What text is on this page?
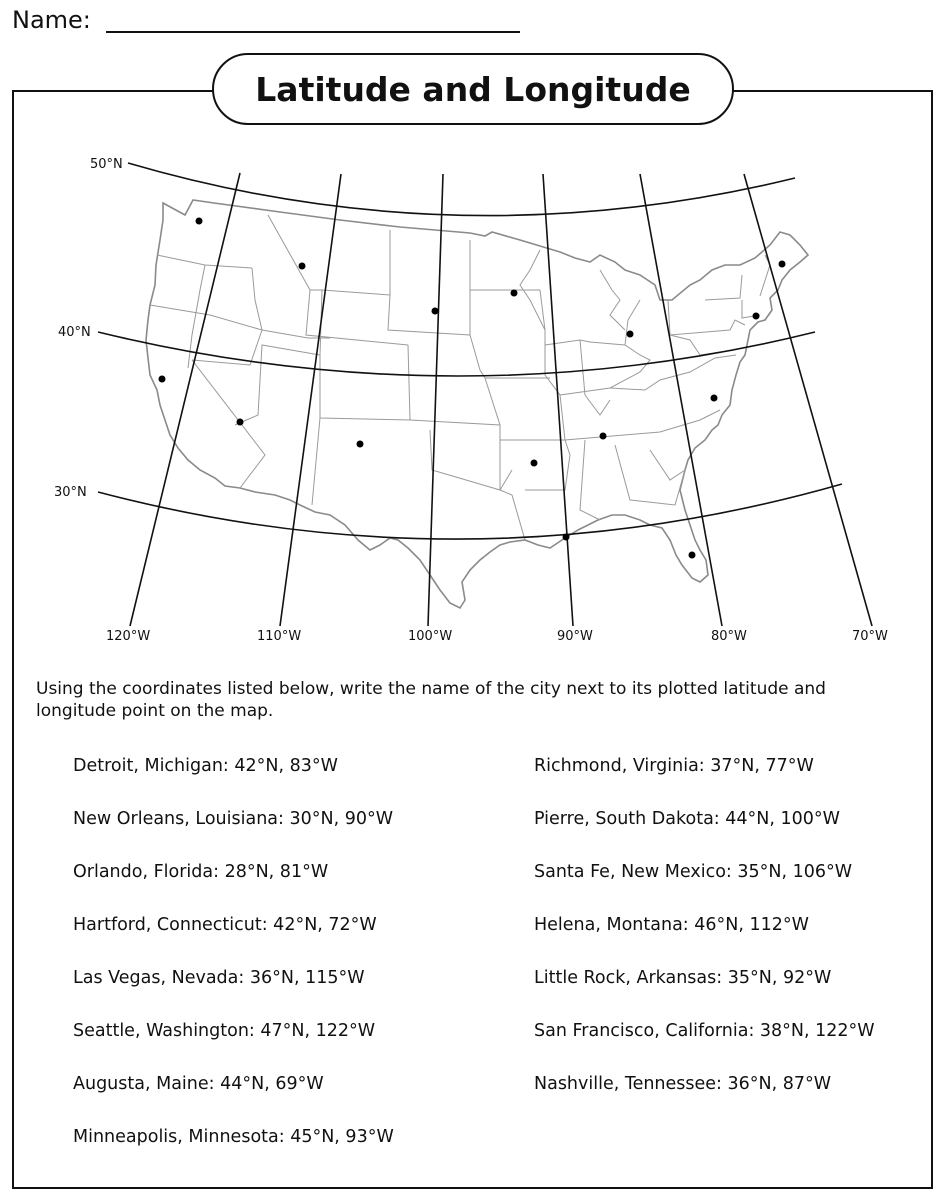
Name:
Latitude and Longitude
50°N
40°N
30°N
120°W	110°W	100°W	90°W	80°W	70°W
Using the coordinates listed below, write the name of the city next to its plotted latitude and longitude point on the map.
Detroit, Michigan: 42°N, 83°W
New Orleans, Louisiana: 30°N, 90°W
Orlando, Florida: 28°N, 81°W
Hartford, Connecticut: 42°N, 72°W
Las Vegas, Nevada: 36°N, 115°W
Seattle, Washington: 47°N, 122°W
Augusta, Maine: 44°N, 69°W
Minneapolis, Minnesota: 45°N, 93°W
Richmond, Virginia: 37°N, 77°W
Pierre, South Dakota: 44°N, 100°W
Santa Fe, New Mexico: 35°N, 106°W
Helena, Montana: 46°N, 112°W
Little Rock, Arkansas: 35°N, 92°W
San Francisco, California: 38°N, 122°W
Nashville, Tennessee: 36°N, 87°W
